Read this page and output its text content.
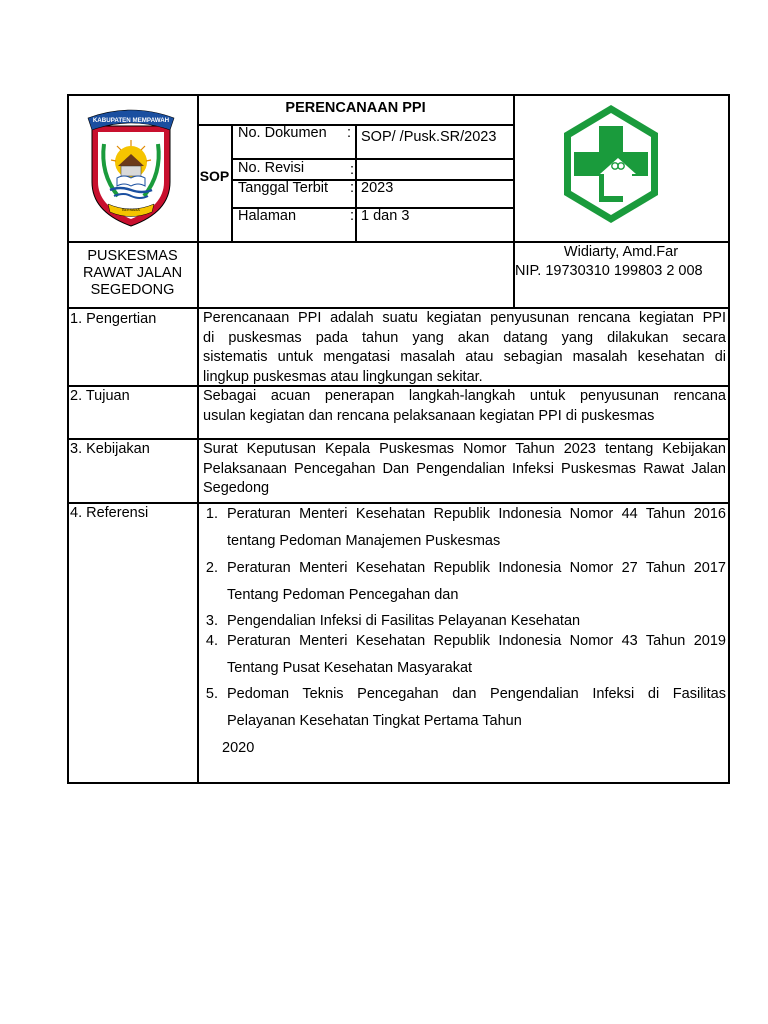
KABUPATEN MEMPAWAH
BERSAMA
PERENCANAAN PPI
SOP
No. Dokumen : SOP/ /Pusk.SR/2023
No. Revisi	:
Tanggal Terbit : 2023
Halaman	: 1 dan 3
PUSKESMAS
RAWAT JALAN
SEGEDONG
Widiarty, Amd.Far
NIP. 19730310 199803 2 008
1. Pengertian
2. Tujuan
3. Kebijakan
4. Referensi
Perencanaan PPI adalah suatu kegiatan penyusunan rencana kegiatan PPI
di puskesmas pada tahun yang akan datang yang dilakukan secara
sistematis untuk mengatasi masalah atau sebagian masalah kesehatan di
lingkup puskesmas atau lingkungan sekitar.
Sebagai acuan penerapan langkah-langkah untuk penyusunan rencana
usulan kegiatan dan rencana pelaksanaan kegiatan PPI di puskesmas
Surat Keputusan Kepala Puskesmas Nomor Tahun 2023 tentang Kebijakan
Pelaksanaan Pencegahan Dan Pengendalian Infeksi Puskesmas Rawat Jalan
Segedong
1. Peraturan Menteri Kesehatan Republik Indonesia Nomor 44 Tahun 2016
tentang Pedoman Manajemen Puskesmas
2. Peraturan Menteri Kesehatan Republik Indonesia Nomor 27 Tahun 2017
Tentang Pedoman Pencegahan dan
3. Pengendalian Infeksi di Fasilitas Pelayanan Kesehatan
4. Peraturan Menteri Kesehatan Republik Indonesia Nomor 43 Tahun 2019
Tentang Pusat Kesehatan Masyarakat
5. Pedoman Teknis Pencegahan dan Pengendalian Infeksi di Fasilitas
Pelayanan Kesehatan Tingkat Pertama Tahun
2020
